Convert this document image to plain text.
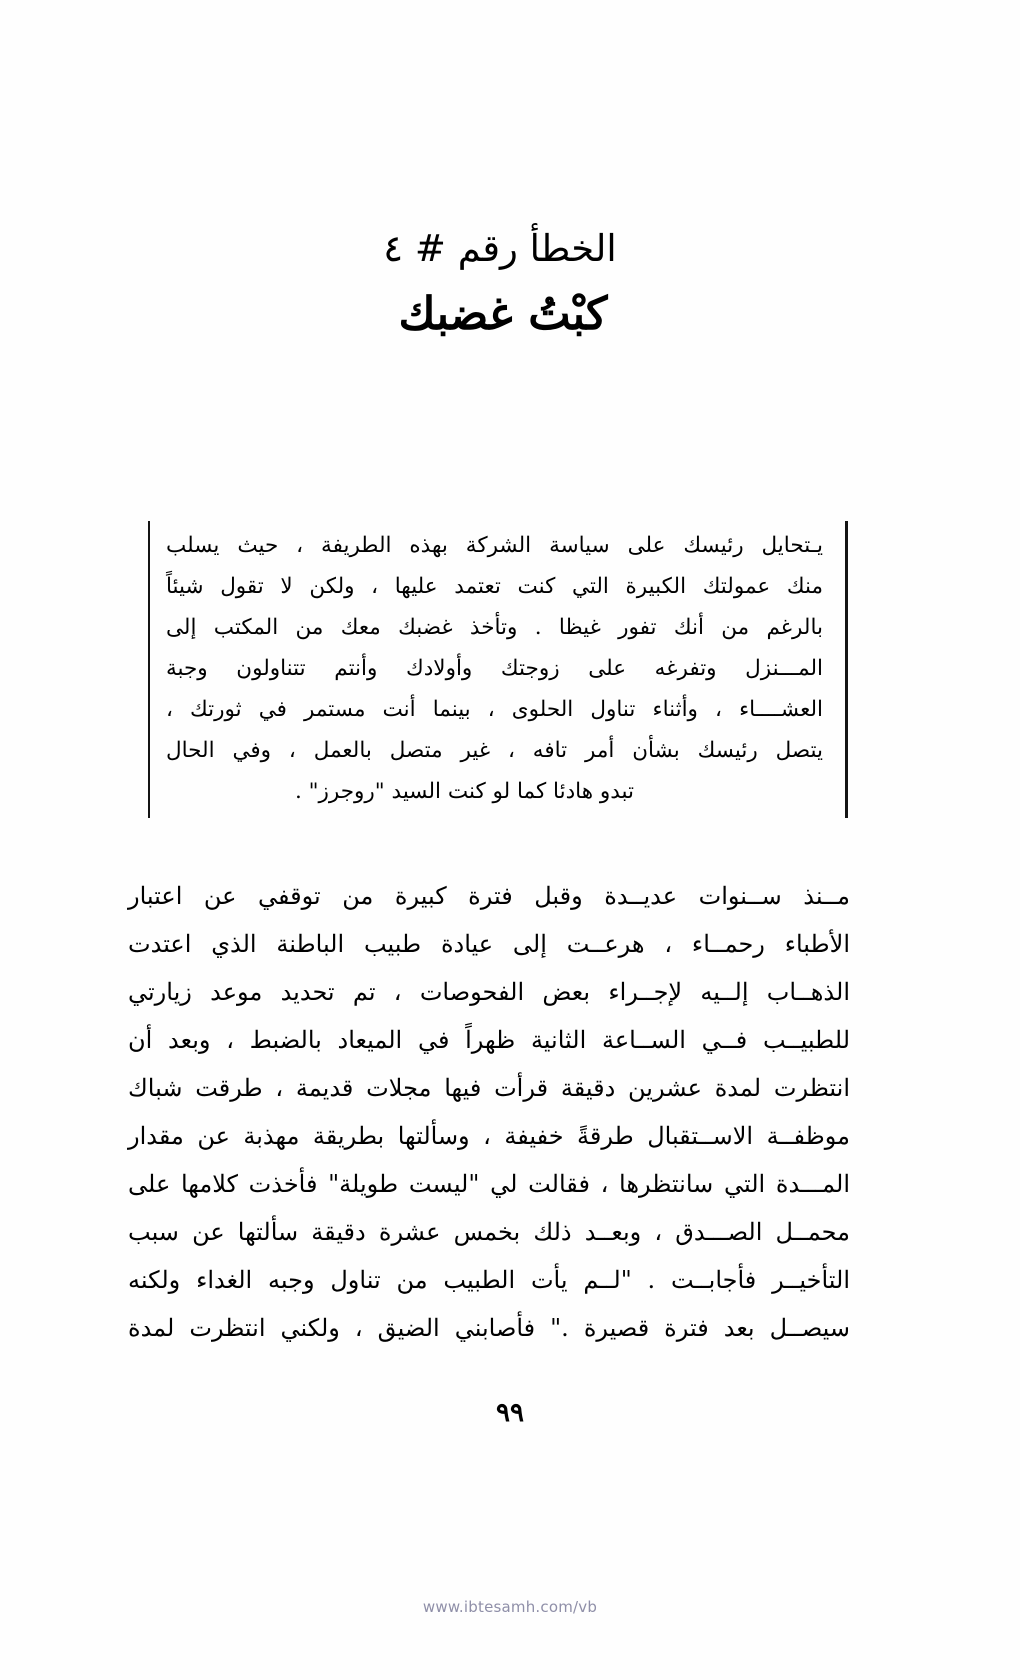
الخطأ رقم # ٤
كبْتُ غضبك
يـتحايل رئيسك على سياسة الشركة بهذه الطريفة ، حيث يسلب
منك عمولتك الكبيرة التي كنت تعتمد عليها ، ولكن لا تقول شيئاً
بالرغم من أنك تفور غيظا . وتأخذ غضبك معك من المكتب إلى
المـــنزل وتفرغه على زوجتك وأولادك وأنتم تتناولون وجبة
العشــــاء ، وأثناء تناول الحلوى ، بينما أنت مستمر في ثورتك ،
يتصل رئيسك بشأن أمر تافه ، غير متصل بالعمل ، وفي الحال
تبدو هادئا كما لو كنت السيد "روجرز" .
مــنذ ســنوات عديــدة وقبل فترة كبيرة من توقفي عن اعتبار
الأطباء رحمــاء ، هرعــت إلى عيادة طبيب الباطنة الذي اعتدت
الذهــاب إلــيه لإجــراء بعض الفحوصات ، تم تحديد موعد زيارتي
للطبيــب فــي الســاعة الثانية ظهراً في الميعاد بالضبط ، وبعد أن
انتظرت لمدة عشرين دقيقة قرأت فيها مجلات قديمة ، طرقت شباك
موظفــة الاســتقبال طرقةً خفيفة ، وسألتها بطريقة مهذبة عن مقدار
المـــدة التي سانتظرها ، فقالت لي "ليست طويلة" فأخذت كلامها على
محمــل الصـــدق ، وبعــد ذلك بخمس عشرة دقيقة سألتها عن سبب
التأخيــر فأجابــت . "لــم يأت الطبيب من تناول وجبه الغداء ولكنه
سيصــل بعد فترة قصيرة ." فأصابني الضيق ، ولكني انتظرت لمدة
٩٩
www.ibtesamh.com/vb
